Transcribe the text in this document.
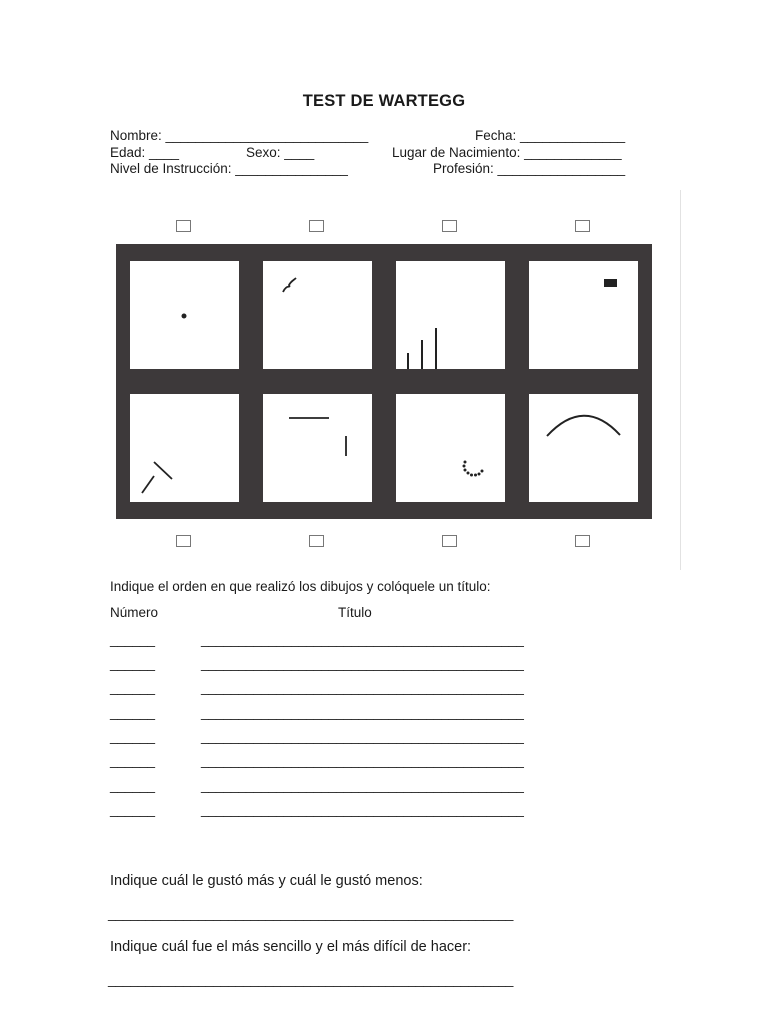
TEST DE WARTEGG
Nombre: ___________________________	Fecha: ______________
Edad: ____	Sexo: ____	Lugar de Nacimiento: _____________
Nivel de Instrucción: _______________	Profesión: _________________
Indique el orden en que realizó los dibujos y colóquele un título:
Número	Título
______	___________________________________________
______	___________________________________________
______	___________________________________________
______	___________________________________________
______	___________________________________________
______	___________________________________________
______	___________________________________________
______	___________________________________________
Indique cuál le gustó más y cuál le gustó menos:
______________________________________________________
Indique cuál fue el más sencillo y el más difícil de hacer:
______________________________________________________
